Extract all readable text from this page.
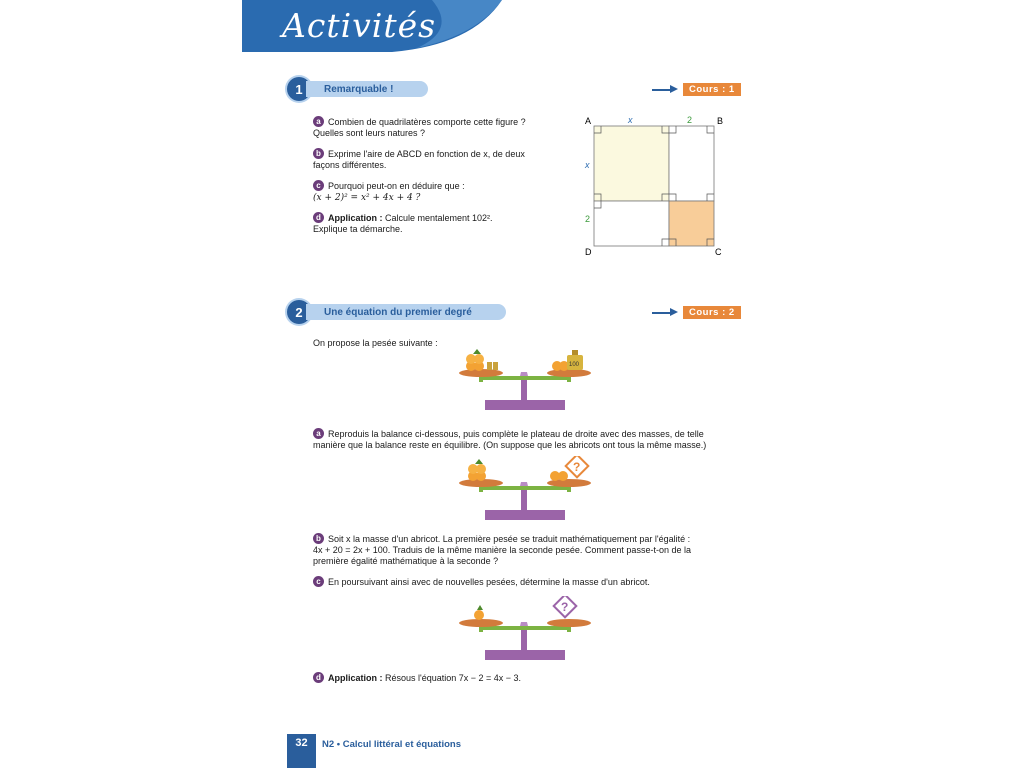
Activités
1	Remarquable !	Cours : 1
a Combien de quadrilatères comporte cette figure ?
Quelles sont leurs natures ?
b Exprime l'aire de ABCD en fonction de x, de deux
façons différentes.
c Pourquoi peut-on en déduire que :
(x + 2)² = x² + 4x + 4 ?
d Application : Calcule mentalement 102².
Explique ta démarche.
A	B
C
D
x	2
x
2
2	Une équation du premier degré	Cours : 2
On propose la pesée suivante :
100
a Reproduis la balance ci-dessous, puis complète le plateau de droite avec des masses, de telle
manière que la balance reste en équilibre. (On suppose que les abricots ont tous la même masse.)
?
b Soit x la masse d'un abricot. La première pesée se traduit mathématiquement par l'égalité :
4x + 20 = 2x + 100. Traduis de la même manière la seconde pesée. Comment passe-t-on de la
première égalité mathématique à la seconde ?
c En poursuivant ainsi avec de nouvelles pesées, détermine la masse d'un abricot.
?
d Application : Résous l'équation 7x − 2 = 4x − 3.
32	N2 • Calcul littéral et équations
